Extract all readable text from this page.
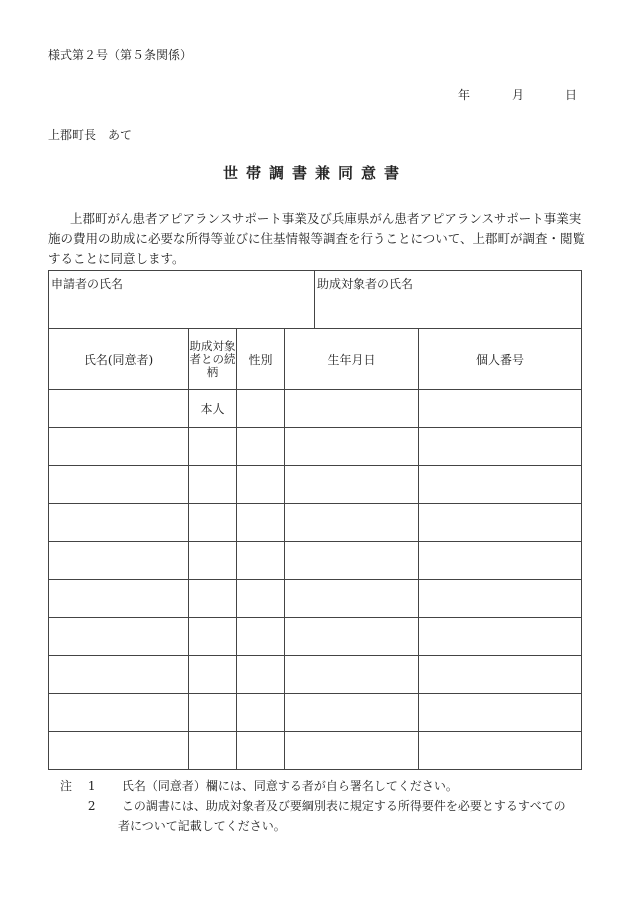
様式第２号（第５条関係）
年	月	日
上郡町長　あて
世帯調書兼同意書
上郡町がん患者アピアランスサポート事業及び兵庫県がん患者アピアランスサポート事業実施の費用の助成に必要な所得等並びに住基情報等調査を行うことについて、上郡町が調査・閲覧することに同意します。
申請者の氏名				助成対象者の氏名	

氏名(同意者)	助成対象者との続柄	性別	生年月日		個人番号
	本人				

注 1 氏名（同意者）欄には、同意する者が自ら署名してください。
2 この調書には、助成対象者及び要綱別表に規定する所得要件を必要とするすべての
者について記載してください。
